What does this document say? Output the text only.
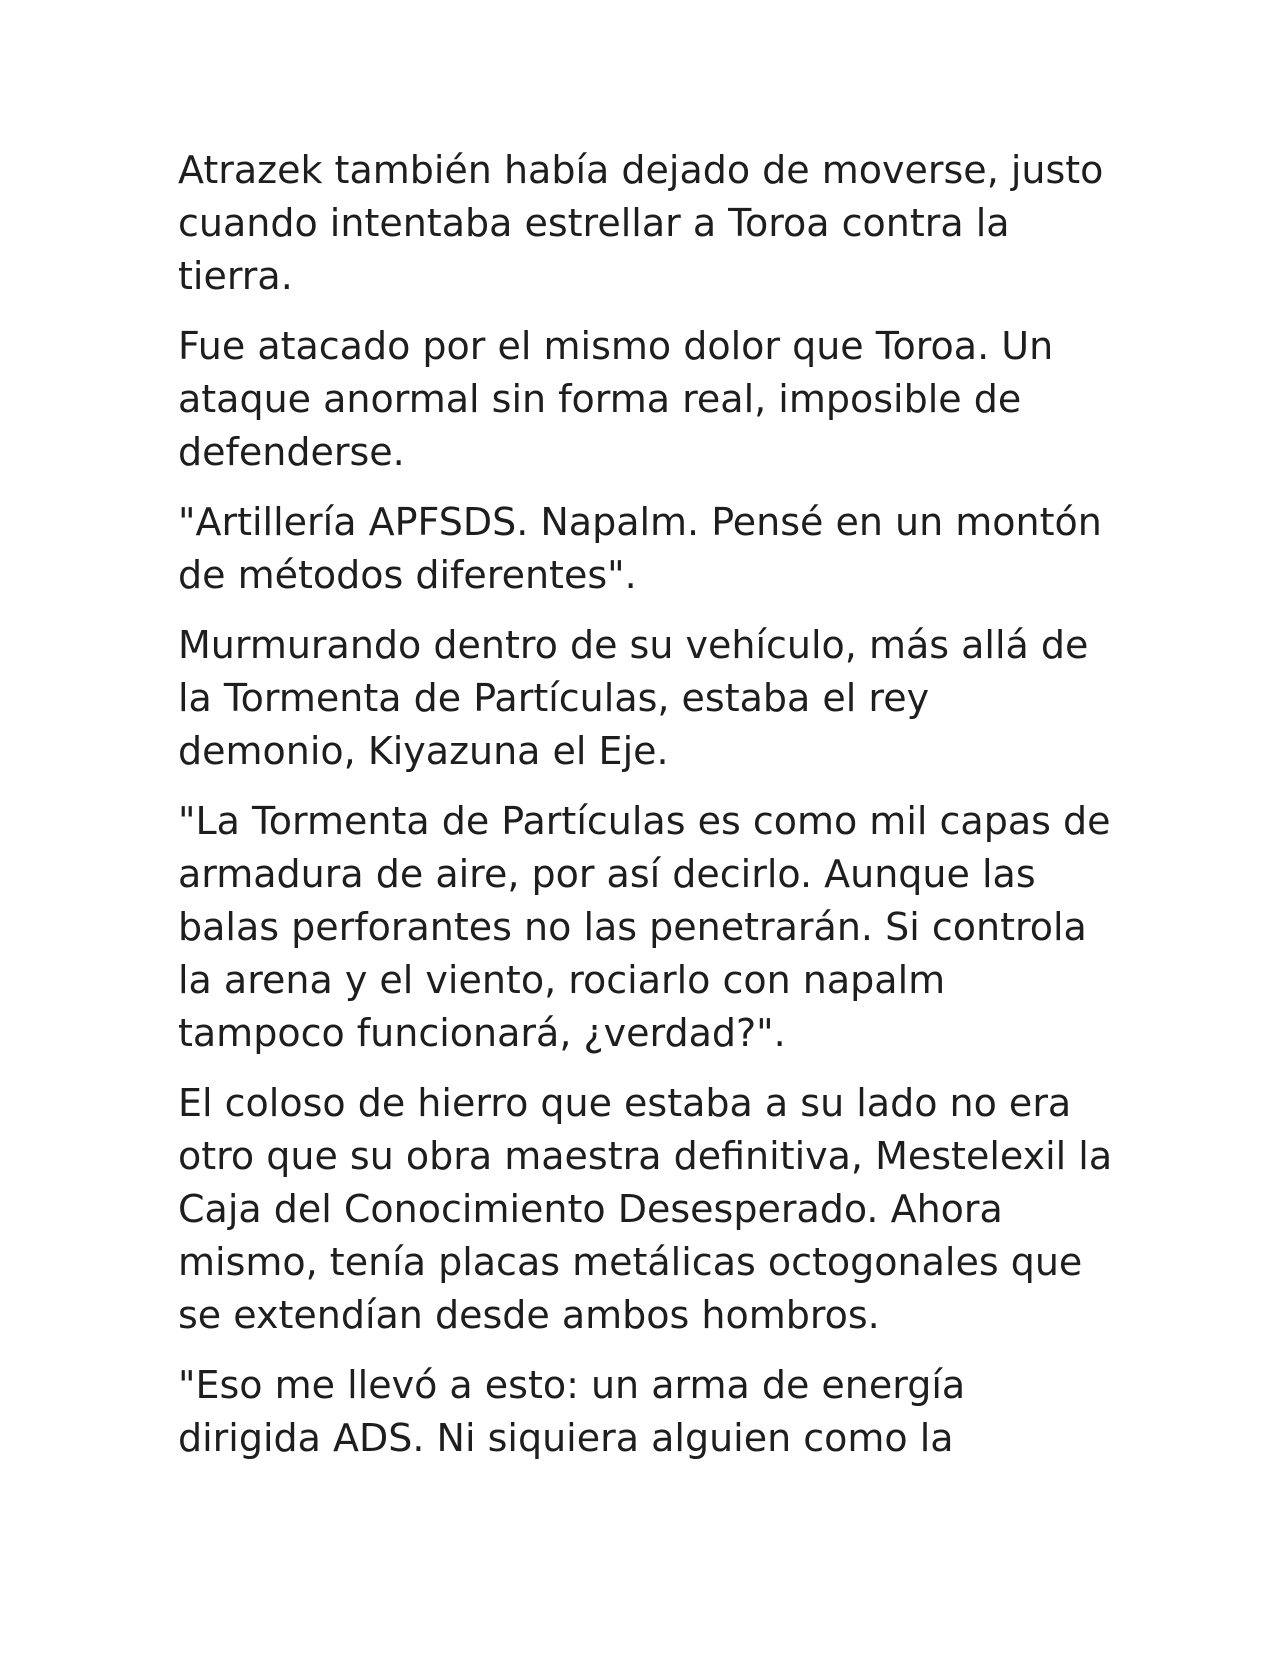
Atrazek también había dejado de moverse, justo cuando intentaba estrellar a Toroa contra la tierra.

Fue atacado por el mismo dolor que Toroa. Un ataque anormal sin forma real, imposible de defenderse.

"Artillería APFSDS. Napalm. Pensé en un montón de métodos diferentes".

Murmurando dentro de su vehículo, más allá de la Tormenta de Partículas, estaba el rey demonio, Kiyazuna el Eje.

"La Tormenta de Partículas es como mil capas de armadura de aire, por así decirlo. Aunque las balas perforantes no las penetrarán. Si controla la arena y el viento, rociarlo con napalm tampoco funcionará, ¿verdad?".

El coloso de hierro que estaba a su lado no era otro que su obra maestra definitiva, Mestelexil la Caja del Conocimiento Desesperado. Ahora mismo, tenía placas metálicas octogonales que se extendían desde ambos hombros.

"Eso me llevó a esto: un arma de energía dirigida ADS. Ni siquiera alguien como la
